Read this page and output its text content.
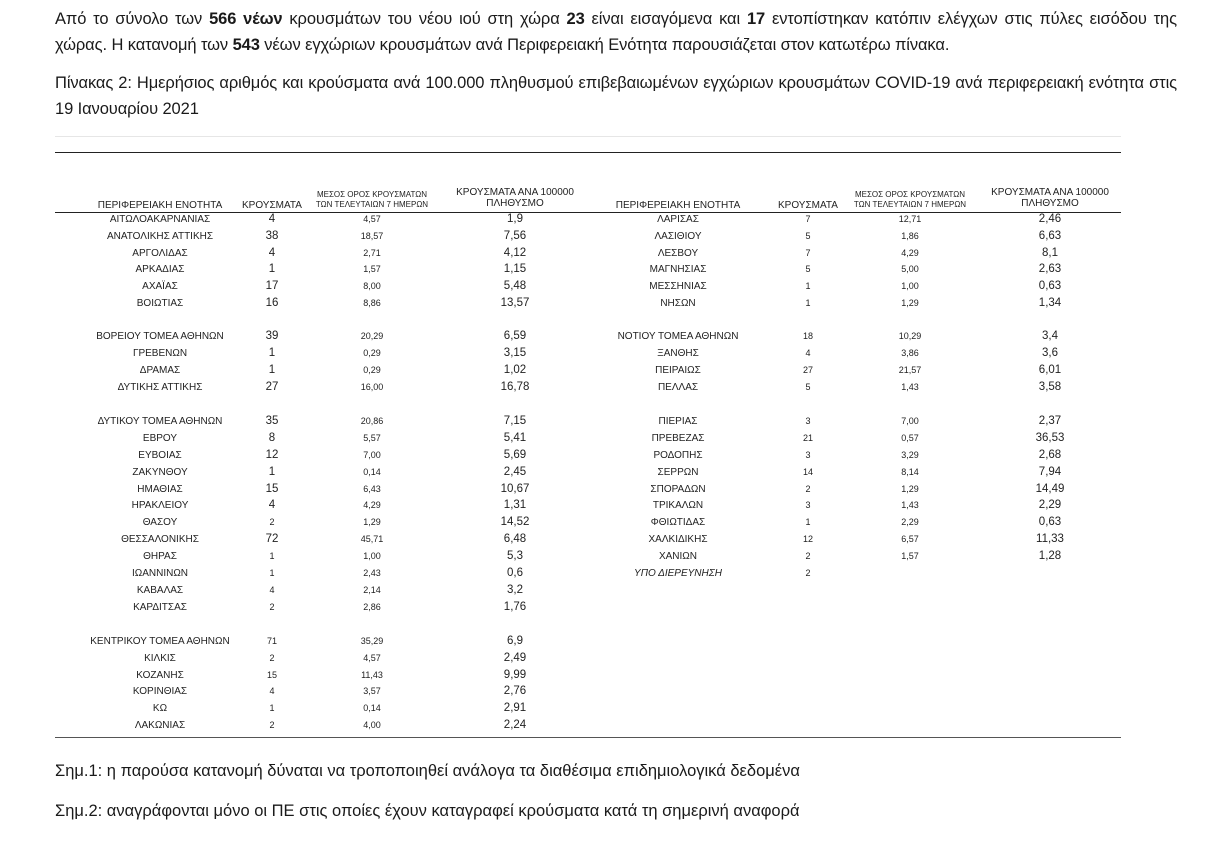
Από το σύνολο των 566 νέων κρουσμάτων του νέου ιού στη χώρα 23 είναι εισαγόμενα και 17 εντοπίστηκαν κατόπιν ελέγχων στις πύλες εισόδου της χώρας. Η κατανομή των 543 νέων εγχώριων κρουσμάτων ανά Περιφερειακή Ενότητα παρουσιάζεται στον κατωτέρω πίνακα.
Πίνακας 2: Ημερήσιος αριθμός και κρούσματα ανά 100.000 πληθυσμού επιβεβαιωμένων εγχώριων κρουσμάτων COVID-19 ανά περιφερειακή ενότητα στις 19 Ιανουαρίου 2021
ΠΕΡΙΦΕΡΕΙΑΚΗ ΕΝΟΤΗΤΑ	ΚΡΟΥΣΜΑΤΑ
ΜΕΣΟΣ ΟΡΟΣ ΚΡΟΥΣΜΑΤΩΝ
ΤΩΝ ΤΕΛΕΥΤΑΙΩΝ 7 ΗΜΕΡΩΝ
ΚΡΟΥΣΜΑΤΑ ΑΝΑ 100000
ΠΛΗΘΥΣΜΟ	ΠΕΡΙΦΕΡΕΙΑΚΗ ΕΝΟΤΗΤΑ	ΚΡΟΥΣΜΑΤΑ
ΜΕΣΟΣ ΟΡΟΣ ΚΡΟΥΣΜΑΤΩΝ
ΤΩΝ ΤΕΛΕΥΤΑΙΩΝ 7 ΗΜΕΡΩΝ
ΚΡΟΥΣΜΑΤΑ ΑΝΑ 100000
ΠΛΗΘΥΣΜΟ
ΑΙΤΩΛΟΑΚΑΡΝΑΝΙΑΣ	4	4,57	1,9
ΑΝΑΤΟΛΙΚΗΣ ΑΤΤΙΚΗΣ	38	18,57	7,56
ΑΡΓΟΛΙΔΑΣ	4	2,71	4,12
ΑΡΚΑΔΙΑΣ	1	1,57	1,15
ΑΧΑΪΑΣ	17	8,00	5,48
ΒΟΙΩΤΙΑΣ	16	8,86	13,57
ΒΟΡΕΙΟΥ ΤΟΜΕΑ ΑΘΗΝΩΝ	39	20,29	6,59
ΓΡΕΒΕΝΩΝ	1	0,29	3,15
ΔΡΑΜΑΣ	1	0,29	1,02
ΔΥΤΙΚΗΣ ΑΤΤΙΚΗΣ	27	16,00	16,78
ΔΥΤΙΚΟΥ ΤΟΜΕΑ ΑΘΗΝΩΝ	35	20,86	7,15
ΕΒΡΟΥ	8	5,57	5,41
ΕΥΒΟΙΑΣ	12	7,00	5,69
ΖΑΚΥΝΘΟΥ	1	0,14	2,45
ΗΜΑΘΙΑΣ	15	6,43	10,67
ΗΡΑΚΛΕΙΟΥ	4	4,29	1,31
ΘΑΣΟΥ	2	1,29	14,52
ΘΕΣΣΑΛΟΝΙΚΗΣ	72	45,71	6,48
ΘΗΡΑΣ	1	1,00	5,3
ΙΩΑΝΝΙΝΩΝ	1	2,43	0,6
ΚΑΒΑΛΑΣ	4	2,14	3,2
ΚΑΡΔΙΤΣΑΣ	2	2,86	1,76
ΚΕΝΤΡΙΚΟΥ ΤΟΜΕΑ ΑΘΗΝΩΝ	71	35,29	6,9
ΚΙΛΚΙΣ	2	4,57	2,49
ΚΟΖΑΝΗΣ	15	11,43	9,99
ΚΟΡΙΝΘΙΑΣ	4	3,57	2,76
ΚΩ	1	0,14	2,91
ΛΑΚΩΝΙΑΣ	2	4,00	2,24
ΛΑΡΙΣΑΣ	7	12,71	2,46
ΛΑΣΙΘΙΟΥ	5	1,86	6,63
ΛΕΣΒΟΥ	7	4,29	8,1
ΜΑΓΝΗΣΙΑΣ	5	5,00	2,63
ΜΕΣΣΗΝΙΑΣ	1	1,00	0,63
ΝΗΣΩΝ	1	1,29	1,34
ΝΟΤΙΟΥ ΤΟΜΕΑ ΑΘΗΝΩΝ	18	10,29	3,4
ΞΑΝΘΗΣ	4	3,86	3,6
ΠΕΙΡΑΙΩΣ	27	21,57	6,01
ΠΕΛΛΑΣ	5	1,43	3,58
ΠΙΕΡΙΑΣ	3	7,00	2,37
ΠΡΕΒΕΖΑΣ	21	0,57	36,53
ΡΟΔΟΠΗΣ	3	3,29	2,68
ΣΕΡΡΩΝ	14	8,14	7,94
ΣΠΟΡΑΔΩΝ	2	1,29	14,49
ΤΡΙΚΑΛΩΝ	3	1,43	2,29
ΦΘΙΩΤΙΔΑΣ	1	2,29	0,63
ΧΑΛΚΙΔΙΚΗΣ	12	6,57	11,33
ΧΑΝΙΩΝ	2	1,57	1,28
ΥΠΟ ΔΙΕΡΕΥΝΗΣΗ	2
Σημ.1: η παρούσα κατανομή δύναται να τροποποιηθεί ανάλογα τα διαθέσιμα επιδημιολογικά δεδομένα
Σημ.2: αναγράφονται μόνο οι ΠΕ στις οποίες έχουν καταγραφεί κρούσματα κατά τη σημερινή αναφορά
